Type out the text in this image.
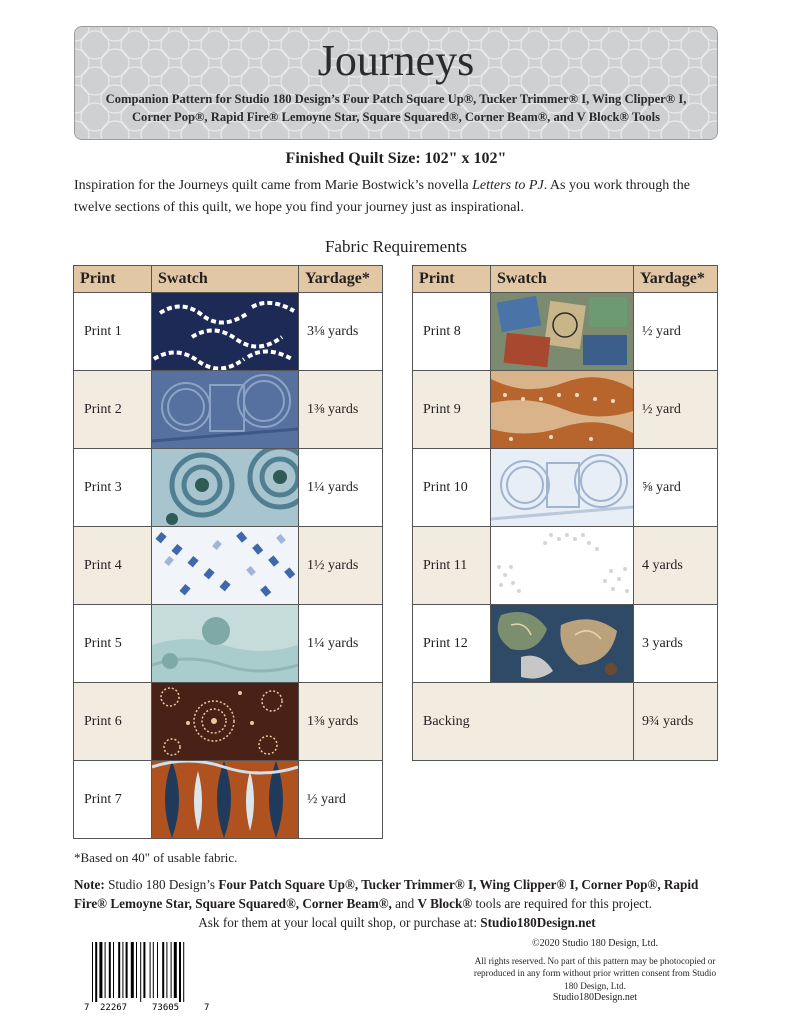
Journeys
Companion Pattern for Studio 180 Design’s Four Patch Square Up®, Tucker Trimmer® I, Wing Clipper® I,
Corner Pop®, Rapid Fire® Lemoyne Star, Square Squared®, Corner Beam®, and V Block® Tools
Finished Quilt Size: 102" x 102"
Inspiration for the Journeys quilt came from Marie Bostwick’s novella Letters to PJ. As you work through the twelve sections of this quilt, we hope you find your journey just as inspirational.
Fabric Requirements
Print	Swatch	Yardage*
Print 1		3⅛ yards
Print 2		1⅜ yards
Print 3		1¼ yards
Print 4		1½ yards
Print 5		1¼ yards
Print 6		1⅜ yards
Print 7		½ yard
Print	Swatch	Yardage*
Print 8		½ yard
Print 9		½ yard
Print 10		⅝ yard
Print 11		4 yards
Print 12		3 yards
Backing		9¾ yards
*Based on 40" of usable fabric.
Note: Studio 180 Design’s Four Patch Square Up®, Tucker Trimmer® I, Wing Clipper® I, Corner Pop®, Rapid Fire® Lemoyne Star, Square Squared®, Corner Beam®, and V Block® tools are required for this project.
Ask for them at your local quilt shop, or purchase at: Studio180Design.net
7 22267	73605	7
©2020 Studio 180 Design, Ltd.
All rights reserved. No part of this pattern may be photocopied or reproduced in any form without prior written consent from Studio 180 Design, Ltd.
Studio180Design.net
